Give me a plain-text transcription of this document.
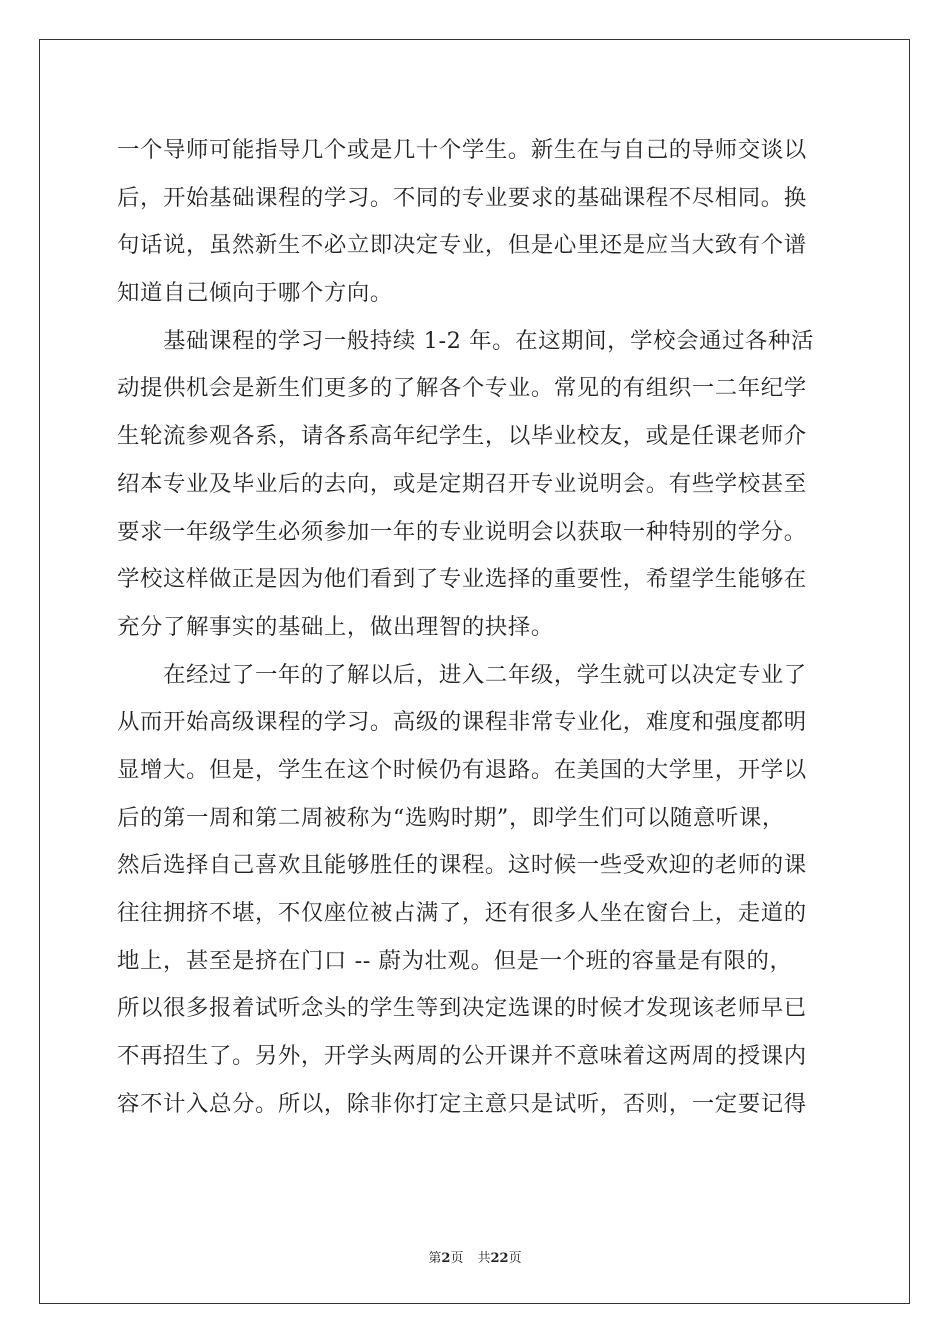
一个导师可能指导几个或是几十个学生。新生在与自己的导师交谈以
后，开始基础课程的学习。不同的专业要求的基础课程不尽相同。换
句话说，虽然新生不必立即决定专业，但是心里还是应当大致有个谱
知道自己倾向于哪个方向。
　　基础课程的学习一般持续 1-2 年。在这期间，学校会通过各种活
动提供机会是新生们更多的了解各个专业。常见的有组织一二年纪学
生轮流参观各系，请各系高年纪学生，以毕业校友，或是任课老师介
绍本专业及毕业后的去向，或是定期召开专业说明会。有些学校甚至
要求一年级学生必须参加一年的专业说明会以获取一种特别的学分。
学校这样做正是因为他们看到了专业选择的重要性，希望学生能够在
充分了解事实的基础上，做出理智的抉择。
　　在经过了一年的了解以后，进入二年级，学生就可以决定专业了
从而开始高级课程的学习。高级的课程非常专业化，难度和强度都明
显增大。但是，学生在这个时候仍有退路。在美国的大学里，开学以
后的第一周和第二周被称为“选购时期”，即学生们可以随意听课，
然后选择自己喜欢且能够胜任的课程。这时候一些受欢迎的老师的课
往往拥挤不堪，不仅座位被占满了，还有很多人坐在窗台上，走道的
地上，甚至是挤在门口 -- 蔚为壮观。但是一个班的容量是有限的，
所以很多报着试听念头的学生等到决定选课的时候才发现该老师早已
不再招生了。另外，开学头两周的公开课并不意味着这两周的授课内
容不计入总分。所以，除非你打定主意只是试听，否则，一定要记得
第2页 共22页
